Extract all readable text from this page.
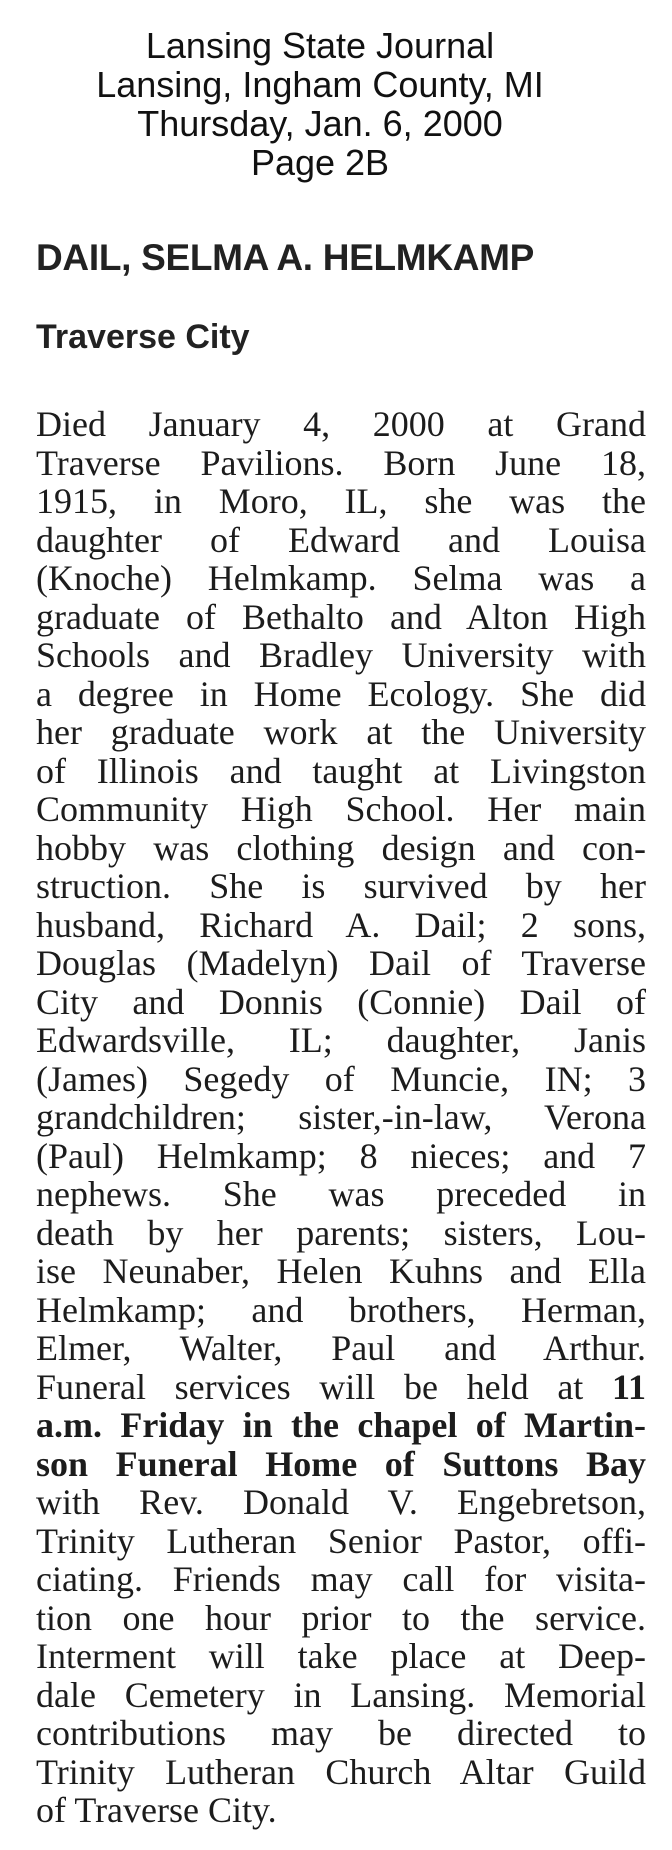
Lansing State Journal
Lansing, Ingham County, MI
Thursday, Jan. 6, 2000
Page 2B
DAIL, SELMA A. HELMKAMP
Traverse City
Died January 4, 2000 at Grand
Traverse Pavilions. Born June 18,
1915, in Moro, IL, she was the
daughter of Edward and Louisa
(Knoche) Helmkamp. Selma was a
graduate of Bethalto and Alton High
Schools and Bradley University with
a degree in Home Ecology. She did
her graduate work at the University
of Illinois and taught at Livingston
Community High School. Her main
hobby was clothing design and con-
struction. She is survived by her
husband, Richard A. Dail; 2 sons,
Douglas (Madelyn) Dail of Traverse
City and Donnis (Connie) Dail of
Edwardsville, IL; daughter, Janis
(James) Segedy of Muncie, IN; 3
grandchildren; sister,-in-law, Verona
(Paul) Helmkamp; 8 nieces; and 7
nephews. She was preceded in
death by her parents; sisters, Lou-
ise Neunaber, Helen Kuhns and Ella
Helmkamp; and brothers, Herman,
Elmer, Walter, Paul and Arthur.
Funeral services will be held at 11
a.m. Friday in the chapel of Martin-
son Funeral Home of Suttons Bay
with Rev. Donald V. Engebretson,
Trinity Lutheran Senior Pastor, offi-
ciating. Friends may call for visita-
tion one hour prior to the service.
Interment will take place at Deep-
dale Cemetery in Lansing. Memorial
contributions may be directed to
Trinity Lutheran Church Altar Guild
of Traverse City.
